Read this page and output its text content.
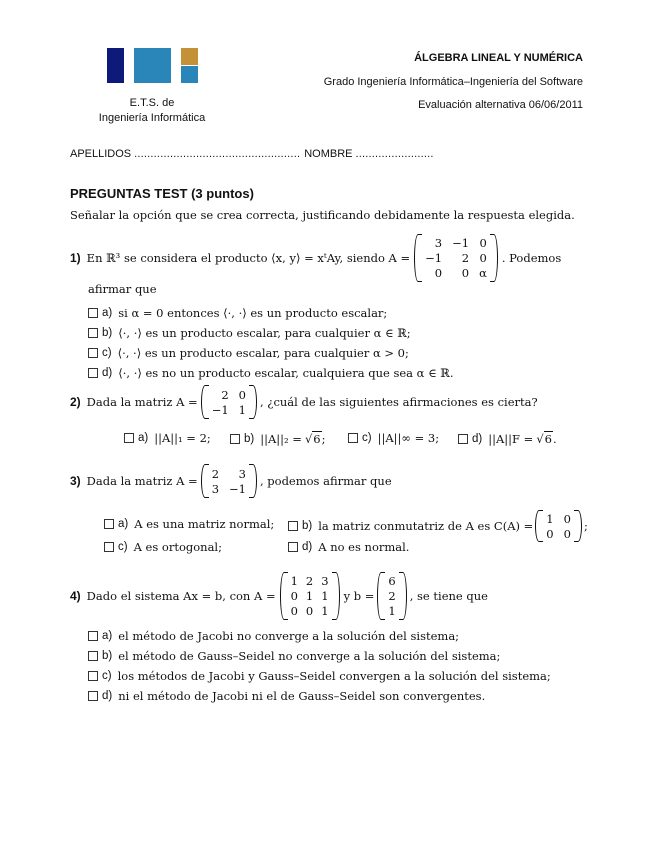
E.T.S. de
Ingeniería Informática
ÁLGEBRA LINEAL Y NUMÉRICA
Grado Ingeniería Informática–Ingeniería del Software
Evaluación alternativa 06/06/2011
APELLIDOS ................................................... NOMBRE ........................
PREGUNTAS TEST (3 puntos)
Señalar la opción que se crea correcta, justificando debidamente la respuesta elegida.
1) En ℝ³ se considera el producto ⟨x, y⟩ = xᵗAy, siendo A =
3 −1 0
−1	2 0
0	0 α
. Podemos
afirmar que
a) si α = 0 entonces ⟨·, ·⟩ es un producto escalar;
b) ⟨·, ·⟩ es un producto escalar, para cualquier α ∈ ℝ;
c) ⟨·, ·⟩ es un producto escalar, para cualquier α > 0;
d) ⟨·, ·⟩ es no un producto escalar, cualquiera que sea α ∈ ℝ.
2) Dada la matriz A =
2 0
−1 1
, ¿cuál de las siguientes afirmaciones es cierta?
a) ||A||₁ = 2;	b) ||A||₂ = √ 6 ;	c) ||A||∞ = 3;	d) ||A||F = √ 6 .
3) Dada la matriz A =
2	3
3 −1
, podemos afirmar que
a) A es una matriz normal; b) la matriz conmutatriz de A es C(A) =
1 0
0 0
;
c) A es ortogonal;	d) A no es normal.
4) Dado el sistema Ax = b, con A =
1 2 3
0 1 1
0 0 1
y b =
6
2
1
, se tiene que
a) el método de Jacobi no converge a la solución del sistema;
b) el método de Gauss–Seidel no converge a la solución del sistema;
c) los métodos de Jacobi y Gauss–Seidel convergen a la solución del sistema;
d) ni el método de Jacobi ni el de Gauss–Seidel son convergentes.
